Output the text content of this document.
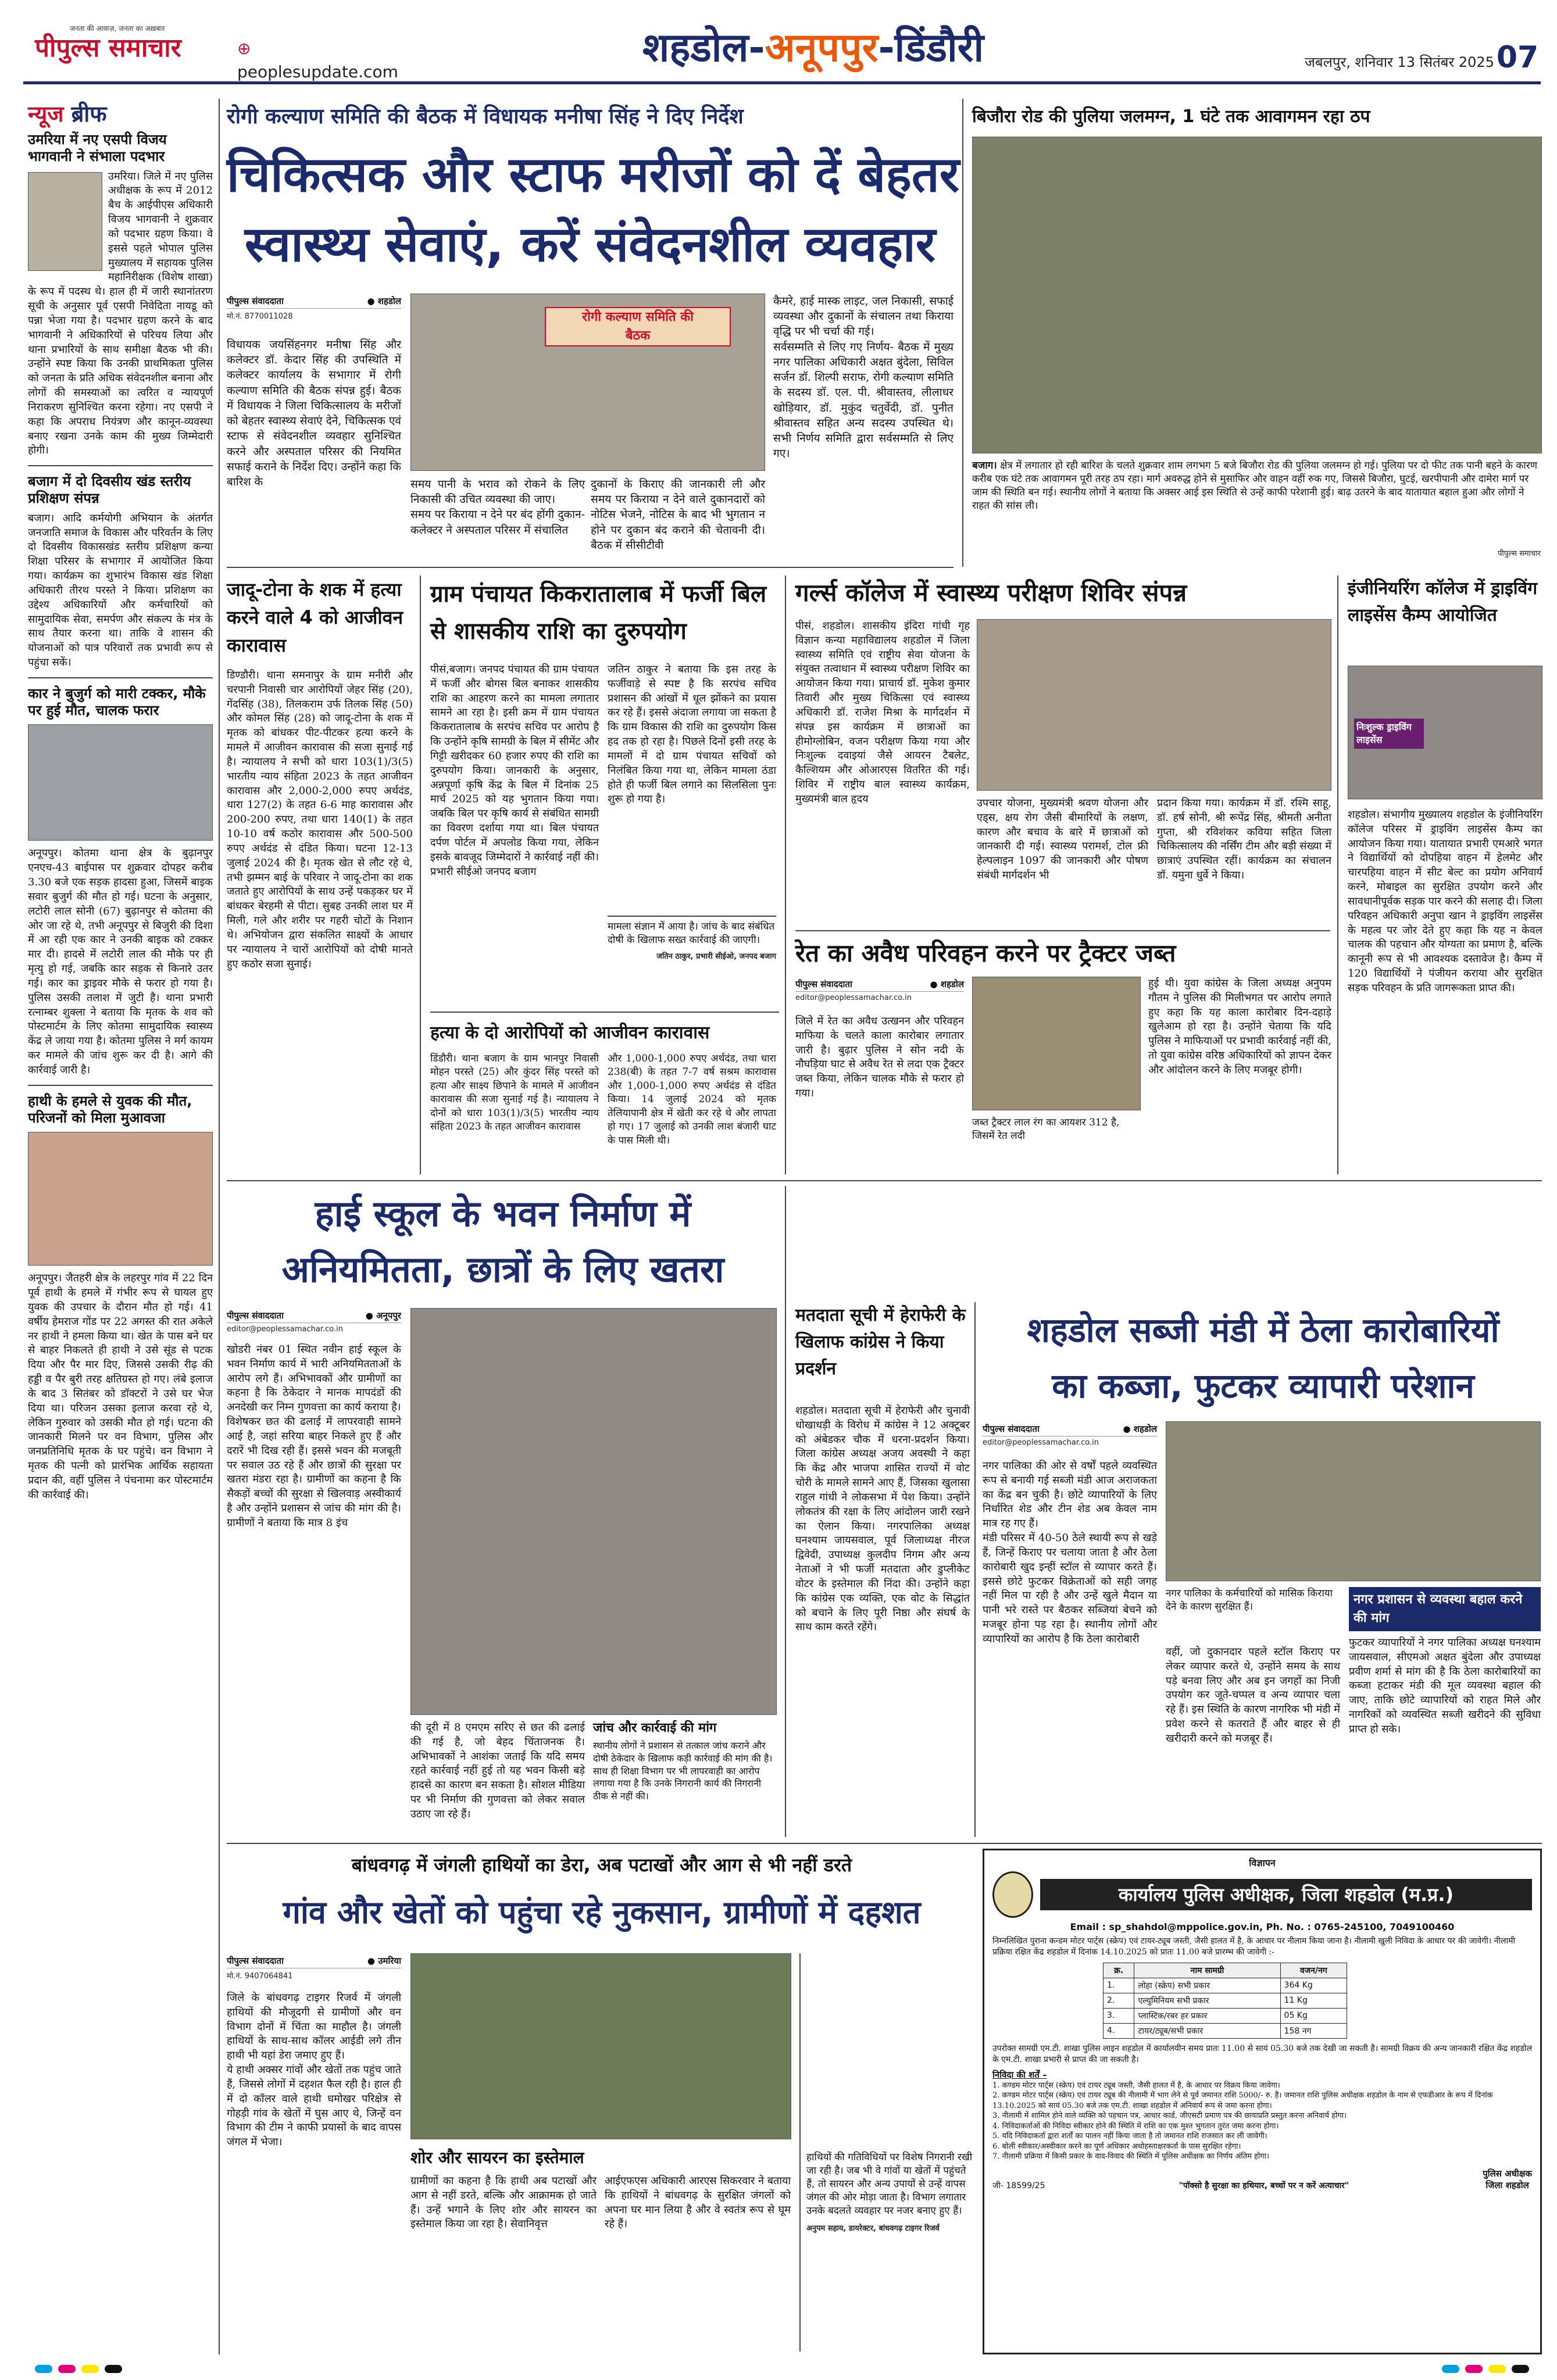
पीपुल्स समाचार
जनता की आवाज़, जनता का अख़बार
⊕ peoplesupdate.com
शहडोल-अनूपपुर-डिंडौरी	जबलपुर, शनिवार 13 सितंबर 2025 07
न्यूज ब्रीफ
उमरिया में नए एसपी विजय भागवानी ने संभाला पदभार
उमरिया। जिले में नए पुलिस अधीक्षक के रूप में 2012 बैच के आईपीएस अधिकारी विजय भागवानी ने शुक्रवार को पदभार ग्रहण किया। वे इससे पहले भोपाल पुलिस मुख्यालय में सहायक पुलिस महानिरीक्षक (विशेष शाखा) के रूप में पदस्थ थे। हाल ही में जारी स्थानांतरण सूची के अनुसार पूर्व एसपी निवेदिता नायडू को पन्ना भेजा गया है। पदभार ग्रहण करने के बाद भागवानी ने अधिकारियों से परिचय लिया और थाना प्रभारियों के साथ समीक्षा बैठक भी की। उन्होंने स्पष्ट किया कि उनकी प्राथमिकता पुलिस को जनता के प्रति अधिक संवेदनशील बनाना और लोगों की समस्याओं का त्वरित व न्यायपूर्ण निराकरण सुनिश्चित करना रहेगा। नए एसपी ने कहा कि अपराध नियंत्रण और कानून-व्यवस्था बनाए रखना उनके काम की मुख्य जिम्मेदारी होगी।
बजाग में दो दिवसीय खंड स्तरीय प्रशिक्षण संपन्न
बजाग। आदि कर्मयोगी अभियान के अंतर्गत जनजाति समाज के विकास और परिवर्तन के लिए दो दिवसीय विकासखंड स्तरीय प्रशिक्षण कन्या शिक्षा परिसर के सभागार में आयोजित किया गया। कार्यक्रम का शुभारंभ विकास खंड शिक्षा अधिकारी तीरथ परस्ते ने किया। प्रशिक्षण का उद्देश्य अधिकारियों और कर्मचारियों को सामुदायिक सेवा, समर्पण और संकल्प के मंत्र के साथ तैयार करना था। ताकि वे शासन की योजनाओं को पात्र परिवारों तक प्रभावी रूप से पहुंचा सकें।
कार ने बुजुर्ग को मारी टक्कर, मौके पर हुई मौत, चालक फरार
अनूपपुर। कोतमा थाना क्षेत्र के बुढ़ानपुर एनएच-43 बाईपास पर शुक्रवार दोपहर करीब 3.30 बजे एक सड़क हादसा हुआ, जिसमें बाइक सवार बुजुर्ग की मौत हो गई। घटना के अनुसार, लटोरी लाल सोनी (67) बुढ़ानपुर से कोतमा की ओर जा रहे थे, तभी अनूपपुर से बिजुरी की दिशा में आ रही एक कार ने उनकी बाइक को टक्कर मार दी। हादसे में लटोरी लाल की मौके पर ही मृत्यु हो गई, जबकि कार सड़क से किनारे उतर गई। कार का ड्राइवर मौके से फरार हो गया है। पुलिस उसकी तलाश में जुटी है। थाना प्रभारी रत्नाम्बर शुक्ला ने बताया कि मृतक के शव को पोस्टमार्टम के लिए कोतमा सामुदायिक स्वास्थ्य केंद्र ले जाया गया है। कोतमा पुलिस ने मर्ग कायम कर मामले की जांच शुरू कर दी है। आगे की कार्रवाई जारी है।
हाथी के हमले से युवक की मौत, परिजनों को मिला मुआवजा
अनूपपुर। जैतहरी क्षेत्र के लहरपुर गांव में 22 दिन पूर्व हाथी के हमले में गंभीर रूप से घायल हुए युवक की उपचार के दौरान मौत हो गई। 41 वर्षीय हेमराज गोंड पर 22 अगस्त की रात अकेले नर हाथी ने हमला किया था। खेत के पास बने घर से बाहर निकलते ही हाथी ने उसे सूंड से पटक दिया और पैर मार दिए, जिससे उसकी रीढ़ की हड्डी व पैर बुरी तरह क्षतिग्रस्त हो गए। लंबे इलाज के बाद 3 सितंबर को डॉक्टरों ने उसे घर भेज दिया था। परिजन उसका इलाज करवा रहे थे, लेकिन गुरुवार को उसकी मौत हो गई। घटना की जानकारी मिलने पर वन विभाग, पुलिस और जनप्रतिनिधि मृतक के घर पहुंचे। वन विभाग ने मृतक की पत्नी को प्रारंभिक आर्थिक सहायता प्रदान की, वहीं पुलिस ने पंचनामा कर पोस्टमार्टम की कार्रवाई की।
रोगी कल्याण समिति की बैठक में विधायक मनीषा सिंह ने दिए निर्देश
चिकित्सक और स्टाफ मरीजों को दें बेहतर
स्वास्थ्य सेवाएं, करें संवेदनशील व्यवहार
पीपुल्स संवाददाता	● शहडोल
मो.नं. 8770011028	रोगी कल्याण समिति की
बैठक
विधायक जयसिंहनगर मनीषा सिंह और कलेक्टर डॉ. केदार सिंह की उपस्थिति में कलेक्टर कार्यालय के सभागार में रोगी कल्याण समिति की बैठक संपन्न हुई। बैठक में विधायक ने जिला चिकित्सालय के मरीजों को बेहतर स्वास्थ्य सेवाएं देने, चिकित्सक एवं स्टाफ से संवेदनशील व्यवहार सुनिश्चित करने और अस्पताल परिसर की नियमित सफाई कराने के निर्देश दिए। उन्होंने कहा कि बारिश के	समय पानी के भराव को रोकने के लिए निकासी की उचित व्यवस्था की जाए।
समय पर किराया न देने पर बंद होंगी दुकान-कलेक्टर ने अस्पताल परिसर में संचालित
दुकानों के किराए की जानकारी ली और समय पर किराया न देने वाले दुकानदारों को नोटिस भेजने, नोटिस के बाद भी भुगतान न होने पर दुकान बंद कराने की चेतावनी दी। बैठक में सीसीटीवी
कैमरे, हाई मास्क लाइट, जल निकासी, सफाई व्यवस्था और दुकानों के संचालन तथा किराया वृद्धि पर भी चर्चा की गई।
सर्वसम्मति से लिए गए निर्णय- बैठक में मुख्य नगर पालिका अधिकारी अक्षत बुंदेला, सिविल सर्जन डॉ. शिल्पी सराफ, रोगी कल्याण समिति के सदस्य डॉ. एल. पी. श्रीवास्तव, लीलाधर खोड़ियार, डॉ. मुकुंद चतुर्वेदी, डॉ. पुनीत श्रीवास्तव सहित अन्य सदस्य उपस्थित थे। सभी निर्णय समिति द्वारा सर्वसम्मति से लिए गए।
बिजौरा रोड की पुलिया जलमग्न, 1 घंटे तक आवागमन रहा ठप
बजाग। क्षेत्र में लगातार हो रही बारिश के चलते शुक्रवार शाम लगभग 5 बजे बिजौरा रोड की पुलिया जलमग्न हो गई। पुलिया पर दो फीट तक पानी बहने के कारण करीब एक घंटे तक आवागमन पूरी तरह ठप रहा। मार्ग अवरुद्ध होने से मुसाफिर और वाहन वहीं रुक गए, जिससे बिजौरा, घुटई, खरपीपानी और दामेरा मार्ग पर जाम की स्थिति बन गई। स्थानीय लोगों ने बताया कि अक्सर आई इस स्थिति से उन्हें काफी परेशानी हुई। बाढ़ उतरने के बाद यातायात बहाल हुआ और लोगों ने राहत की सांस ली।
पीपुल्स समाचार
जादू-टोना के शक में हत्या करने वाले 4 को आजीवन कारावास
डिण्डौरी। थाना समनापुर के ग्राम मनीरी और चरपानी निवासी चार आरोपियों जेहर सिंह (20), गेंदसिंह (38), तिलकराम उर्फ तिलक सिंह (50) और कोमल सिंह (28) को जादू-टोना के शक में मृतक को बांधकर पीट-पीटकर हत्या करने के मामले में आजीवन कारावास की सजा सुनाई गई है। न्यायालय ने सभी को धारा 103(1)/3(5) भारतीय न्याय संहिता 2023 के तहत आजीवन कारावास और 2,000-2,000 रुपए अर्थदंड, धारा 127(2) के तहत 6-6 माह कारावास और 200-200 रुपए, तथा धारा 140(1) के तहत 10-10 वर्ष कठोर कारावास और 500-500 रुपए अर्थदंड से दंडित किया। घटना 12-13 जुलाई 2024 की है। मृतक खेत से लौट रहे थे, तभी झम्मन बाई के परिवार ने जादू-टोना का शक जताते हुए आरोपियों के साथ उन्हें पकड़कर घर में बांधकर बेरहमी से पीटा। सुबह उनकी लाश घर में मिली, गले और शरीर पर गहरी चोटों के निशान थे। अभियोजन द्वारा संकलित साक्ष्यों के आधार पर न्यायालय ने चारों आरोपियों को दोषी मानते हुए कठोर सजा सुनाई।
ग्राम पंचायत किकरातालाब में फर्जी बिल से शासकीय राशि का दुरुपयोग
पीसं,बजाग। जनपद पंचायत की ग्राम पंचायत में फर्जी और बोगस बिल बनाकर शासकीय राशि का आहरण करने का मामला लगातार सामने आ रहा है। इसी क्रम में ग्राम पंचायत किकरातालाब के सरपंच सचिव पर आरोप है कि उन्होंने कृषि सामग्री के बिल में सीमेंट और गिट्टी खरीदकर 60 हजार रुपए की राशि का दुरुपयोग किया। जानकारी के अनुसार, अन्नपूर्णा कृषि केंद्र के बिल में दिनांक 25 मार्च 2025 को यह भुगतान किया गया। जबकि बिल पर कृषि कार्य से संबंधित सामग्री का विवरण दर्शाया गया था। बिल पंचायत दर्पण पोर्टल में अपलोड किया गया, लेकिन इसके बावजूद जिम्मेदारों ने कार्रवाई नहीं की। प्रभारी सीईओ जनपद बजाग
जतिन ठाकुर ने बताया कि इस तरह के फर्जीवाड़े से स्पष्ट है कि सरपंच सचिव प्रशासन की आंखों में धूल झोंकने का प्रयास कर रहे हैं। इससे अंदाजा लगाया जा सकता है कि ग्राम विकास की राशि का दुरुपयोग किस हद तक हो रहा है। पिछले दिनों इसी तरह के मामलों में दो ग्राम पंचायत सचिवों को निलंबित किया गया था, लेकिन मामला ठंडा होते ही फर्जी बिल लगाने का सिलसिला पुनः शुरू हो गया है।
मामला संज्ञान में आया है। जांच के बाद संबंधित दोषी के खिलाफ सख्त कार्रवाई की जाएगी।
जतिन ठाकुर, प्रभारी सीईओ, जनपद बजाग
हत्या के दो आरोपियों को आजीवन कारावास
डिंडौरी। थाना बजाग के ग्राम भानपुर निवासी मोहन परस्ते (25) और कुंदर सिंह परस्ते को हत्या और साक्ष्य छिपाने के मामले में आजीवन कारावास की सजा सुनाई गई है। न्यायालय ने दोनों को धारा 103(1)/3(5) भारतीय न्याय संहिता 2023 के तहत आजीवन कारावास
और 1,000-1,000 रुपए अर्थदंड, तथा धारा 238(बी) के तहत 7-7 वर्ष सश्रम कारावास और 1,000-1,000 रुपए अर्थदंड से दंडित किया। 14 जुलाई 2024 को मृतक तेलियापानी क्षेत्र में खेती कर रहे थे और लापता हो गए। 17 जुलाई को उनकी लाश बंजारी घाट के पास मिली थी।
गर्ल्स कॉलेज में स्वास्थ्य परीक्षण शिविर संपन्न
पीसं, शहडोल। शासकीय इंदिरा गांधी गृह विज्ञान कन्या महाविद्यालय शहडोल में जिला स्वास्थ्य समिति एवं राष्ट्रीय सेवा योजना के संयुक्त तत्वाधान में स्वास्थ्य परीक्षण शिविर का आयोजन किया गया। प्राचार्य डॉ. मुकेश कुमार तिवारी और मुख्य चिकित्सा एवं स्वास्थ्य अधिकारी डॉ. राजेश मिश्रा के मार्गदर्शन में संपन्न इस कार्यक्रम में छात्राओं का हीमोग्लोबिन, वजन परीक्षण किया गया और निःशुल्क दवाइयां जैसे आयरन टैबलेट, कैल्शियम और ओआरएस वितरित की गई। शिविर में राष्ट्रीय बाल स्वास्थ्य कार्यक्रम, मुख्यमंत्री बाल हृदय	उपचार योजना, मुख्यमंत्री श्रवण योजना और एड्स, क्षय रोग जैसी बीमारियों के लक्षण, कारण और बचाव के बारे में छात्राओं को जानकारी दी गई। स्वास्थ्य परामर्श, टोल फ्री हेल्पलाइन 1097 की जानकारी और पोषण संबंधी मार्गदर्शन भी
प्रदान किया गया। कार्यक्रम में डॉ. रश्मि साहू, डॉ. हर्ष सोनी, श्री रूपेंद्र सिंह, श्रीमती अनीता गुप्ता, श्री रविशंकर कविया सहित जिला चिकित्सालय की नर्सिंग टीम और बड़ी संख्या में छात्राएं उपस्थित रहीं। कार्यक्रम का संचालन डॉ. यमुना धुर्वे ने किया।
इंजीनियरिंग कॉलेज में ड्राइविंग लाइसेंस कैम्प आयोजित
निःशुल्क ड्राइविंग लाइसेंस
शहडोल। संभागीय मुख्यालय शहडोल के इंजीनियरिंग कॉलेज परिसर में ड्राइविंग लाइसेंस कैम्प का आयोजन किया गया। यातायात प्रभारी एमआरे भगत ने विद्यार्थियों को दोपहिया वाहन में हेलमेट और चारपहिया वाहन में सीट बेल्ट का प्रयोग अनिवार्य करने, मोबाइल का सुरक्षित उपयोग करने और सावधानीपूर्वक सड़क पार करने की सलाह दी। जिला परिवहन अधिकारी अनुपा खान ने ड्राइविंग लाइसेंस के महत्व पर जोर देते हुए कहा कि यह न केवल चालक की पहचान और योग्यता का प्रमाण है, बल्कि कानूनी रूप से भी आवश्यक दस्तावेज है। कैम्प में 120 विद्यार्थियों ने पंजीयन कराया और सुरक्षित सड़क परिवहन के प्रति जागरूकता प्राप्त की।
रेत का अवैध परिवहन करने पर ट्रैक्टर जब्त
पीपुल्स संवाददाता	● शहडोल
editor@peoplessamachar.co.in
जिले में रेत का अवैध उत्खनन और परिवहन माफिया के चलते काला कारोबार लगातार जारी है। बुढ़ार पुलिस ने सोन नदी के नौघड़िया घाट से अवैध रेत से लदा एक ट्रैक्टर जब्त किया, लेकिन चालक मौके से फरार हो गया।
जब्त ट्रैक्टर लाल रंग का आयशर 312 है, जिसमें रेत लदी
हुई थी। युवा कांग्रेस के जिला अध्यक्ष अनुपम गौतम ने पुलिस की मिलीभगत पर आरोप लगाते हुए कहा कि यह काला कारोबार दिन-दहाड़े खुलेआम हो रहा है। उन्होंने चेताया कि यदि पुलिस ने माफियाओं पर प्रभावी कार्रवाई नहीं की, तो युवा कांग्रेस वरिष्ठ अधिकारियों को ज्ञापन देकर और आंदोलन करने के लिए मजबूर होगी।
हाई स्कूल के भवन निर्माण में
अनियमितता, छात्रों के लिए खतरा
पीपुल्स संवाददाता	● अनूपपुर
editor@peoplessamachar.co.in
खोडरी नंबर 01 स्थित नवीन हाई स्कूल के भवन निर्माण कार्य में भारी अनियमितताओं के आरोप लगे हैं। अभिभावकों और ग्रामीणों का कहना है कि ठेकेदार ने मानक मापदंडों की अनदेखी कर निम्न गुणवत्ता का कार्य कराया है।
विशेषकर छत की ढलाई में लापरवाही सामने आई है, जहां सरिया बाहर निकले हुए हैं और दरारें भी दिख रही हैं। इससे भवन की मजबूती पर सवाल उठ रहे हैं और छात्रों की सुरक्षा पर खतरा मंडरा रहा है। ग्रामीणों का कहना है कि सैकड़ों बच्चों की सुरक्षा से खिलवाड़ अस्वीकार्य है और उन्होंने प्रशासन से जांच की मांग की है। ग्रामीणों ने बताया कि मात्र 8 इंच
की दूरी में 8 एमएम सरिए से छत की ढलाई की गई है, जो बेहद चिंताजनक है। अभिभावकों ने आशंका जताई कि यदि समय रहते कार्रवाई नहीं हुई तो यह भवन किसी बड़े हादसे का कारण बन सकता है। सोशल मीडिया पर भी निर्माण की गुणवत्ता को लेकर सवाल उठाए जा रहे हैं।
जांच और कार्रवाई की मांग
स्थानीय लोगों ने प्रशासन से तत्काल जांच कराने और दोषी ठेकेदार के खिलाफ कड़ी कार्रवाई की मांग की है। साथ ही शिक्षा विभाग पर भी लापरवाही का आरोप लगाया गया है कि उनके निगरानी कार्य की निगरानी ठीक से नहीं की।
मतदाता सूची में हेराफेरी के खिलाफ कांग्रेस ने किया प्रदर्शन
शहडोल। मतदाता सूची में हेराफेरी और चुनावी धोखाधड़ी के विरोध में कांग्रेस ने 12 अक्टूबर को अंबेडकर चौक में धरना-प्रदर्शन किया। जिला कांग्रेस अध्यक्ष अजय अवस्थी ने कहा कि केंद्र और भाजपा शासित राज्यों में वोट चोरी के मामले सामने आए हैं, जिसका खुलासा राहुल गांधी ने लोकसभा में पेश किया। उन्होंने लोकतंत्र की रक्षा के लिए आंदोलन जारी रखने का ऐलान किया। नगरपालिका अध्यक्ष घनश्याम जायसवाल, पूर्व जिलाध्यक्ष नीरज द्विवेदी, उपाध्यक्ष कुलदीप निगम और अन्य नेताओं ने भी फर्जी मतदाता और डुप्लीकेट वोटर के इस्तेमाल की निंदा की। उन्होंने कहा कि कांग्रेस एक व्यक्ति, एक वोट के सिद्धांत को बचाने के लिए पूरी निष्ठा और संघर्ष के साथ काम करते रहेंगे।
शहडोल सब्जी मंडी में ठेला कारोबारियों
का कब्जा, फुटकर व्यापारी परेशान
पीपुल्स संवाददाता	● शहडोल
editor@peoplessamachar.co.in
नगर पालिका की ओर से वर्षों पहले व्यवस्थित रूप से बनायी गई सब्जी मंडी आज अराजकता का केंद्र बन चुकी है। छोटे व्यापारियों के लिए निर्धारित शेड और टीन शेड अब केवल नाम मात्र रह गए हैं।
मंडी परिसर में 40-50 ठेले स्थायी रूप से खड़े हैं, जिन्हें किराए पर चलाया जाता है और ठेला कारोबारी खुद इन्हीं स्टॉल से व्यापार करते हैं। इससे छोटे फुटकर विक्रेताओं को सही जगह नहीं मिल पा रही है और उन्हें खुले मैदान या पानी भरे रास्ते पर बैठकर सब्जियां बेचने को मजबूर होना पड़ रहा है। स्थानीय लोगों और व्यापारियों का आरोप है कि ठेला कारोबारी
नगर पालिका के कर्मचारियों को मासिक किराया देने के कारण सुरक्षित हैं।
वहीं, जो दुकानदार पहले स्टॉल किराए पर लेकर व्यापार करते थे, उन्होंने समय के साथ पड़े बनवा लिए और अब इन जगहों का निजी उपयोग कर जूते-चप्पल व अन्य व्यापार चला रहे हैं। इस स्थिति के कारण नागरिक भी मंडी में प्रवेश करने से कतराते हैं और बाहर से ही खरीदारी करने को मजबूर हैं।
नगर प्रशासन से व्यवस्था बहाल करने की मांग
फुटकर व्यापारियों ने नगर पालिका अध्यक्ष घनश्याम जायसवाल, सीएमओ अक्षत बुंदेला और उपाध्यक्ष प्रवीण शर्मा से मांग की है कि ठेला कारोबारियों का कब्जा हटाकर मंडी की मूल व्यवस्था बहाल की जाए, ताकि छोटे व्यापारियों को राहत मिले और नागरिकों को व्यवस्थित सब्जी खरीदने की सुविधा प्राप्त हो सके।
बांधवगढ़ में जंगली हाथियों का डेरा, अब पटाखों और आग से भी नहीं डरते
गांव और खेतों को पहुंचा रहे नुकसान, ग्रामीणों में दहशत
पीपुल्स संवाददाता	● उमरिया
मो.नं. 9407064841
जिले के बांधवगढ़ टाइगर रिजर्व में जंगली हाथियों की मौजूदगी से ग्रामीणों और वन विभाग दोनों में चिंता का माहौल है। जंगली हाथियों के साथ-साथ कॉलर आईडी लगे तीन हाथी भी यहां डेरा जमाए हुए हैं।
ये हाथी अक्सर गांवों और खेतों तक पहुंच जाते हैं, जिससे लोगों में दहशत फैल रही है। हाल ही में दो कॉलर वाले हाथी धमोखर परिक्षेत्र से गोहड़ी गांव के खेतों में घुस आए थे, जिन्हें वन विभाग की टीम ने काफी प्रयासों के बाद वापस जंगल में भेजा।
शोर और सायरन का इस्तेमाल
ग्रामीणों का कहना है कि हाथी अब पटाखों और आग से नहीं डरते, बल्कि और आक्रामक हो जाते हैं। उन्हें भगाने के लिए शोर और सायरन का इस्तेमाल किया जा रहा है। सेवानिवृत्त
आईएफएस अधिकारी आरएस सिकरवार ने बताया कि हाथियों ने बांधवगढ़ के सुरक्षित जंगलों को अपना घर मान लिया है और वे स्वतंत्र रूप से घूम रहे हैं।
हाथियों की गतिविधियों पर विशेष निगरानी रखी जा रही है। जब भी वे गांवों या खेतों में पहुंचते हैं, तो सायरन और अन्य उपायों से उन्हें वापस जंगल की ओर मोड़ा जाता है। विभाग लगातार उनके बदलते व्यवहार पर नजर बनाए हुए हैं।
अनुपम सहाय, डायरेक्टर, बांधवगढ़ टाइगर रिजर्व
विज्ञापन
कार्यालय पुलिस अधीक्षक, जिला शहडोल (म.प्र.)
Email : sp_shahdol@mppolice.gov.in, Ph. No. : 0765-245100, 7049100460
निम्नलिखित पुराना कन्डम मोटर पार्ट्स (स्क्रेप) एवं टायर-ट्यूब जस्ती, जैसी हालत में है, के आधार पर नीलाम किया जाना है। नीलामी खुली निविदा के आधार पर की जावेगी। नीलामी प्रक्रिया रक्षित केंद्र शहडोल में दिनांक 14.10.2025 को प्रातः 11.00 बजे प्रारम्भ की जावेगी :-
क्र.	नाम सामग्री	वजन/नग
1.	लोहा (स्क्रेप) सभी प्रकार	364 Kg
2.	एल्युमिनियम सभी प्रकार	11 Kg
3.	प्लास्टिक/रबर हर प्रकार	05 Kg
4.	टायर/ट्यूब/सभी प्रकार	158 नग
उपरोक्त सामग्री एम.टी. शाखा पुलिस लाइन शहडोल में कार्यालयीन समय प्रातः 11.00 से सायं 05.30 बजे तक देखी जा सकती है। सामग्री विक्रय की अन्य जानकारी रक्षित केंद्र शहडोल के एम.टी. शाखा प्रभारी से प्राप्त की जा सकती है।
निविदा की शर्तें –
1. कण्डम मोटर पार्ट्स (स्क्रेप) एवं टायर ट्यूब जस्ती, जैसी हालत में है, के आधार पर विक्रय किया जावेगा।
2. कण्डम मोटर पार्ट्स (स्क्रेप) एवं टायर ट्यूब की नीलामी में भाग लेने से पूर्व जमानत राशि 5000/- रु. है। जमानत राशि पुलिस अधीक्षक शहडोल के नाम से एफडीआर के रूप में दिनांक 13.10.2025 को सायं 05.30 बजे तक एम.टी. शाखा शहडोल में अनिवार्य रूप से जमा करना होगा।
3. नीलामी में शामिल होने वाले व्यक्ति को पहचान पत्र, आधार कार्ड, जीएसटी प्रमाण पत्र की छायाप्रति प्रस्तुत करना अनिवार्य होगा।
4. निविदाकर्ताओं की निविदा स्वीकार होने की स्थिति में राशि का एक मुश्त भुगतान तुरंत जमा करना होगा।
5. यदि निविदाकर्ता द्वारा शर्तों का पालन नहीं किया जाता है तो जमानत राशि राजसात कर ली जावेगी।
6. बोली स्वीकार/अस्वीकार करने का पूर्ण अधिकार अधोहस्ताक्षरकर्ता के पास सुरक्षित रहेगा।
7. नीलामी प्रक्रिया में किसी प्रकार के वाद-विवाद की स्थिति में पुलिस अधीक्षक का निर्णय अंतिम होगा।
जी- 18599/25	"पॉक्सो है सुरक्षा का हथियार, बच्चों पर न करें अत्याचार"
पुलिस अधीक्षक
जिला शहडोल
